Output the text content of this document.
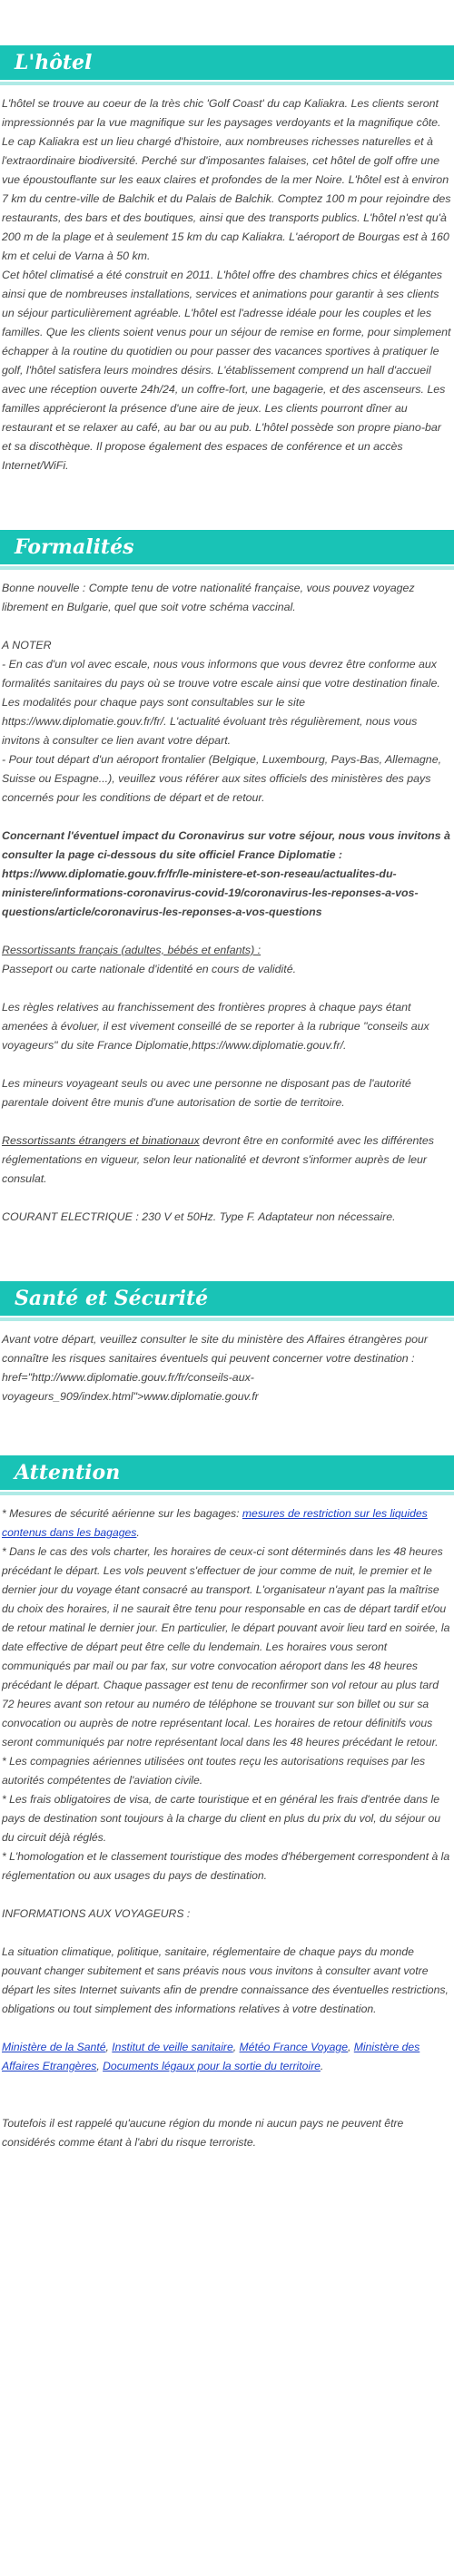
L'hôtel

L'hôtel se trouve au coeur de la très chic 'Golf Coast' du cap Kaliakra. Les clients seront impressionnés par la vue magnifique sur les paysages verdoyants et la magnifique côte. Le cap Kaliakra est un lieu chargé d'histoire, aux nombreuses richesses naturelles et à l'extraordinaire biodiversité. Perché sur d'imposantes falaises, cet hôtel de golf offre une vue époustouflante sur les eaux claires et profondes de la mer Noire. L'hôtel est à environ 7 km du centre-ville de Balchik et du Palais de Balchik. Comptez 100 m pour rejoindre des restaurants, des bars et des boutiques, ainsi que des transports publics. L'hôtel n'est qu'à 200 m de la plage et à seulement 15 km du cap Kaliakra. L'aéroport de Bourgas est à 160 km et celui de Varna à 50 km.

Cet hôtel climatisé a été construit en 2011. L'hôtel offre des chambres chics et élégantes ainsi que de nombreuses installations, services et animations pour garantir à ses clients un séjour particulièrement agréable. L'hôtel est l'adresse idéale pour les couples et les familles. Que les clients soient venus pour un séjour de remise en forme, pour simplement échapper à la routine du quotidien ou pour passer des vacances sportives à pratiquer le golf, l'hôtel satisfera leurs moindres désirs. L'établissement comprend un hall d'accueil avec une réception ouverte 24h/24, un coffre-fort, une bagagerie, et des ascenseurs. Les familles apprécieront la présence d'une aire de jeux. Les clients pourront dîner au restaurant et se relaxer au café, au bar ou au pub. L'hôtel possède son propre piano-bar et sa discothèque. Il propose également des espaces de conférence et un accès Internet/WiFi.

Formalités

Bonne nouvelle : Compte tenu de votre nationalité française, vous pouvez voyagez librement en Bulgarie, quel que soit votre schéma vaccinal.

A NOTER

- En cas d'un vol avec escale, nous vous informons que vous devrez être conforme aux formalités sanitaires du pays où se trouve votre escale ainsi que votre destination finale.

Les modalités pour chaque pays sont consultables sur le site https://www.diplomatie.gouv.fr/fr/. L'actualité évoluant très régulièrement, nous vous invitons à consulter ce lien avant votre départ.

- Pour tout départ d'un aéroport frontalier (Belgique, Luxembourg, Pays-Bas, Allemagne, Suisse ou Espagne...), veuillez vous référer aux sites officiels des ministères des pays concernés pour les conditions de départ et de retour.

Concernant l'éventuel impact du Coronavirus sur votre séjour, nous vous invitons à consulter la page ci-dessous du site officiel France Diplomatie : https://www.diplomatie.gouv.fr/fr/le-ministere-et-son-reseau/actualites-du-ministere/informations-coronavirus-covid-19/coronavirus-les-reponses-a-vos-questions/article/coronavirus-les-reponses-a-vos-questions

Ressortissants français (adultes, bébés et enfants) :

Passeport ou carte nationale d'identité en cours de validité.

Les règles relatives au franchissement des frontières propres à chaque pays étant amenées à évoluer, il est vivement conseillé de se reporter à la rubrique "conseils aux voyageurs" du site France Diplomatie,https://www.diplomatie.gouv.fr/.

Les mineurs voyageant seuls ou avec une personne ne disposant pas de l'autorité parentale doivent être munis d'une autorisation de sortie de territoire.

Ressortissants étrangers et binationaux devront être en conformité avec les différentes réglementations en vigueur, selon leur nationalité et devront s'informer auprès de leur consulat.

COURANT ELECTRIQUE : 230 V et 50Hz. Type F. Adaptateur non nécessaire.

Santé et Sécurité

Avant votre départ, veuillez consulter le site du ministère des Affaires étrangères pour connaître les risques sanitaires éventuels qui peuvent concerner votre destination : href="http://www.diplomatie.gouv.fr/fr/conseils-aux-voyageurs_909/index.html">www.diplomatie.gouv.fr

Attention

* Mesures de sécurité aérienne sur les bagages: mesures de restriction sur les liquides contenus dans les bagages.

* Dans le cas des vols charter, les horaires de ceux-ci sont déterminés dans les 48 heures précédant le départ. Les vols peuvent s'effectuer de jour comme de nuit, le premier et le dernier jour du voyage étant consacré au transport. L'organisateur n'ayant pas la maîtrise du choix des horaires, il ne saurait être tenu pour responsable en cas de départ tardif et/ou de retour matinal le dernier jour. En particulier, le départ pouvant avoir lieu tard en soirée, la date effective de départ peut être celle du lendemain. Les horaires vous seront communiqués par mail ou par fax, sur votre convocation aéroport dans les 48 heures précédant le départ. Chaque passager est tenu de reconfirmer son vol retour au plus tard 72 heures avant son retour au numéro de téléphone se trouvant sur son billet ou sur sa convocation ou auprès de notre représentant local. Les horaires de retour définitifs vous seront communiqués par notre représentant local dans les 48 heures précédant le retour.

* Les compagnies aériennes utilisées ont toutes reçu les autorisations requises par les autorités compétentes de l'aviation civile.

* Les frais obligatoires de visa, de carte touristique et en général les frais d'entrée dans le pays de destination sont toujours à la charge du client en plus du prix du vol, du séjour ou du circuit déjà réglés.

* L'homologation et le classement touristique des modes d'hébergement correspondent à la réglementation ou aux usages du pays de destination.

INFORMATIONS AUX VOYAGEURS :

La situation climatique, politique, sanitaire, réglementaire de chaque pays du monde pouvant changer subitement et sans préavis nous vous invitons à consulter avant votre départ les sites Internet suivants afin de prendre connaissance des éventuelles restrictions, obligations ou tout simplement des informations relatives à votre destination.

Ministère de la Santé, Institut de veille sanitaire, Météo France Voyage, Ministère des Affaires Etrangères, Documents légaux pour la sortie du territoire.

Toutefois il est rappelé qu'aucune région du monde ni aucun pays ne peuvent être considérés comme étant à l'abri du risque terroriste.
